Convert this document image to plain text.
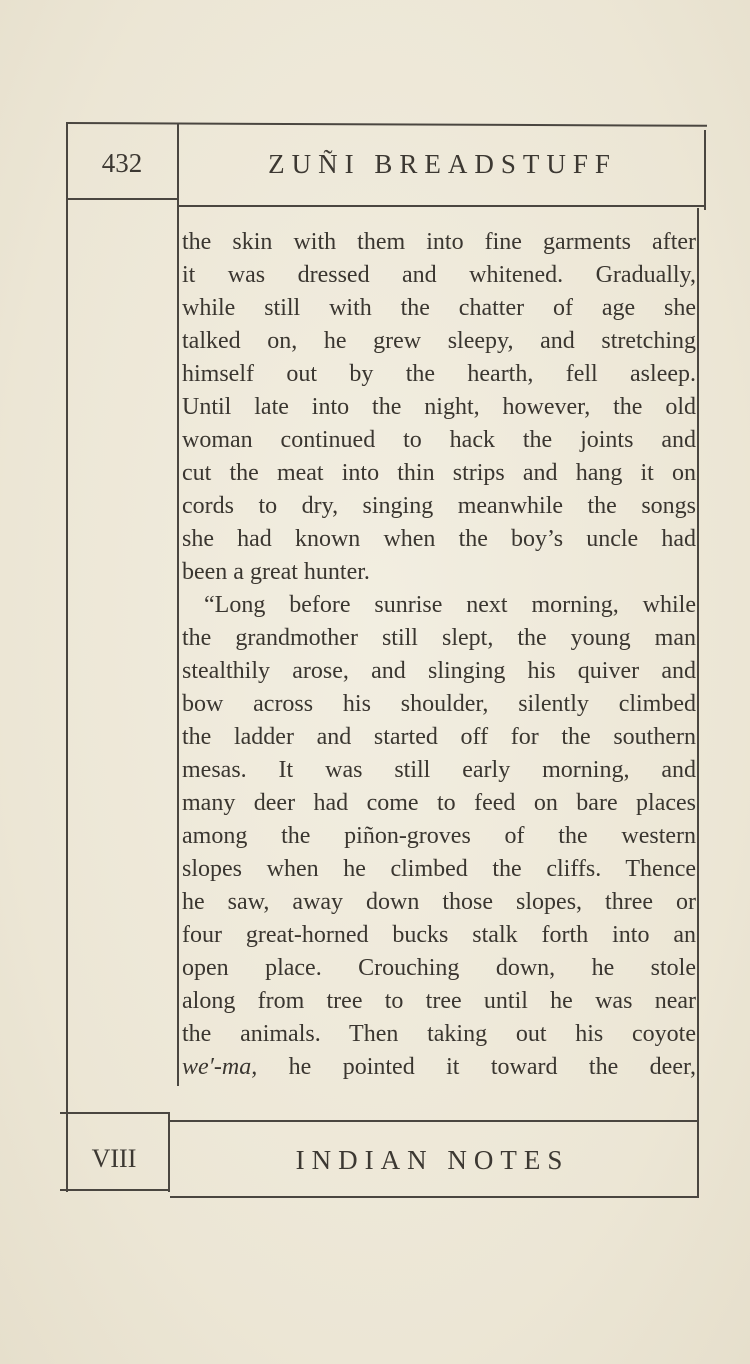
432	ZUÑI BREADSTUFF
the skin with them into fine garments after
it was dressed and whitened. Gradually,
while still with the chatter of age she
talked on, he grew sleepy, and stretching
himself out by the hearth, fell asleep.
Until late into the night, however, the old
woman continued to hack the joints and
cut the meat into thin strips and hang it on
cords to dry, singing meanwhile the songs
she had known when the boy’s uncle had
been a great hunter.
“Long before sunrise next morning, while
the grandmother still slept, the young man
stealthily arose, and slinging his quiver and
bow across his shoulder, silently climbed
the ladder and started off for the southern
mesas. It was still early morning, and
many deer had come to feed on bare places
among the piñon-groves of the western
slopes when he climbed the cliffs. Thence
he saw, away down those slopes, three or
four great-horned bucks stalk forth into an
open place. Crouching down, he stole
along from tree to tree until he was near
the animals. Then taking out his coyote
we′-ma, he pointed it toward the deer,
VIII	INDIAN NOTES
